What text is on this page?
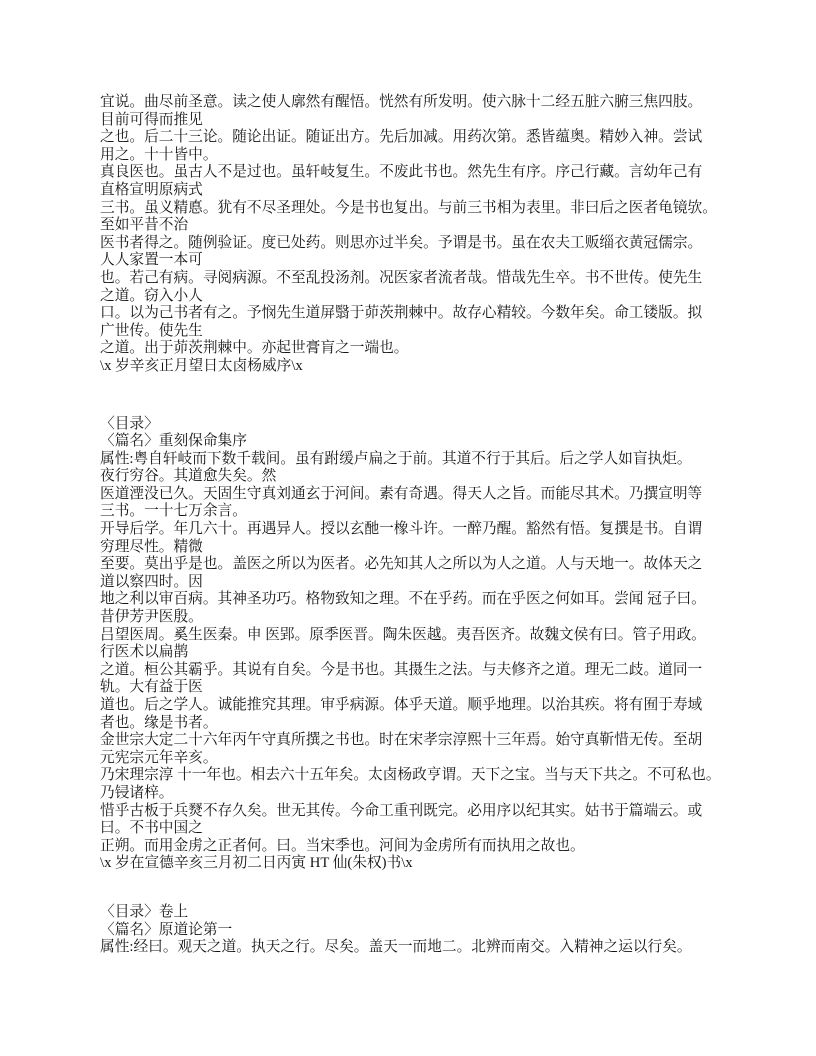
宜说。曲尽前圣意。读之使人廓然有醒悟。恍然有所发明。使六脉十二经五脏六腑三焦四肢。
目前可得而推见
之也。后二十三论。随论出证。随证出方。先后加减。用药次第。悉皆蕴奥。精妙入神。尝试
用之。十十皆中。
真良医也。虽古人不是过也。虽轩岐复生。不废此书也。然先生有序。序己行藏。言幼年己有
直格宣明原病式
三书。虽义精悳。犹有不尽圣理处。今是书也复出。与前三书相为表里。非曰后之医者龟镜欤。
至如平昔不治
医书者得之。随例验证。度已处药。则思亦过半矣。予谓是书。虽在农夫工贩缁衣黄冠儒宗。
人人家置一本可
也。若己有病。寻阅病源。不至乱投汤剂。况医家者流者哉。惜哉先生卒。书不世传。使先生
之道。窃入小人
口。以为己书者有之。予悯先生道屏翳于茆茨荆棘中。故存心精较。今数年矣。命工镂版。拟
广世传。使先生
之道。出于茆茨荆棘中。亦起世膏肓之一端也。
\x 岁辛亥正月望日太卤杨威序\x
〈目录〉
〈篇名〉重刻保命集序
属性:粤自轩岐而下数千载间。虽有跗缓卢扁之于前。其道不行于其后。后之学人如盲执炬。
夜行穷谷。其道愈失矣。然
医道湮没已久。天固生守真刘通玄于河间。素有奇遇。得天人之旨。而能尽其术。乃撰宣明等
三书。一十七万余言。
开导后学。年几六十。再遇异人。授以玄酏一橡斗许。一醉乃醒。豁然有悟。复撰是书。自谓
穷理尽性。精微
至要。莫出乎是也。盖医之所以为医者。必先知其人之所以为人之道。人与天地一。故体天之
道以察四时。因
地之利以审百病。其神圣功巧。格物致知之理。不在乎药。而在乎医之何如耳。尝闻 冠子曰。
昔伊芳尹医殷。
吕望医周。奚生医秦。申 医郢。原季医晋。陶朱医越。夷吾医齐。故魏文侯有曰。管子用政。
行医术以扁鹊
之道。桓公其霸乎。其说有自矣。今是书也。其摄生之法。与夫修齐之道。理无二歧。道同一
轨。大有益于医
道也。后之学人。诚能推究其理。审乎病源。体乎天道。顺乎地理。以治其疾。将有囿于寿域
者也。缘是书者。
金世宗大定二十六年丙午守真所撰之书也。时在宋孝宗淳熙十三年焉。始守真靳惜无传。至胡
元宪宗元年辛亥。
乃宋理宗淳 十一年也。相去六十五年矣。太卤杨政亨谓。天下之宝。当与天下共之。不可私也。
乃锓诸梓。
惜乎古板于兵燹不存久矣。世无其传。今命工重刊既完。必用序以纪其实。姑书于篇端云。或
曰。不书中国之
正朔。而用金虏之正者何。曰。当宋季也。河间为金虏所有而执用之故也。
\x 岁在宣德辛亥三月初二日丙寅 HT 仙(朱权)书\x
〈目录〉卷上
〈篇名〉原道论第一
属性:经曰。观天之道。执天之行。尽矣。盖天一而地二。北辨而南交。入精神之运以行矣。
